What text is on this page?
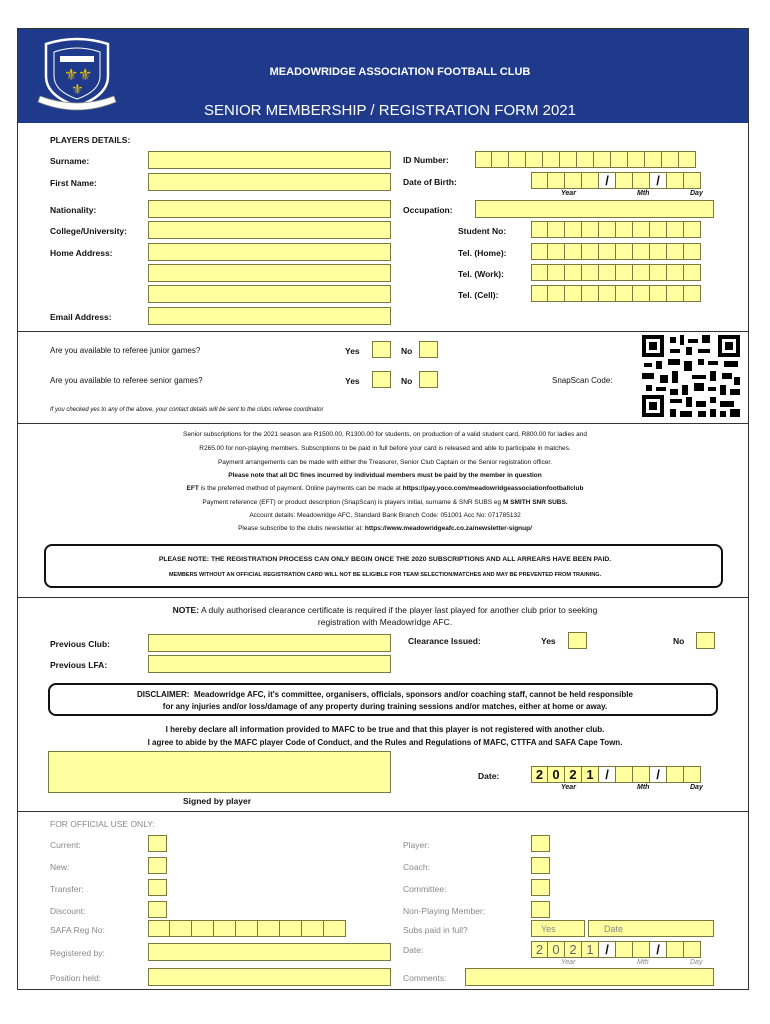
⚜ ⚜
⚜
MEADOWRIDGE ASSOCIATION FOOTBALL CLUB
SENIOR MEMBERSHIP / REGISTRATION FORM 2021
PLAYERS DETAILS:
Surname:
First Name:
Nationality:
College/University:
Home Address:
Email Address:
ID Number:
Date of Birth:	/	/
Year	Mth	Day
Occupation:
Student No:
Tel. (Home):
Tel. (Work):
Tel. (Cell):
Are you available to referee junior games?	Yes	No
Are you available to referee senior games?	Yes	No	SnapScan Code:
If you checked yes to any of the above, your contact details will be sent to the clubs referee coordinator
Senior subscriptions for the 2021 season are R1500.00, R1300.00 for students, on production of a valid student card, R800.00 for ladies and
R265.00 for non-playing members. Subscriptions to be paid in full before your card is released and able to participate in matches.
Payment arrangements can be made with either the Treasurer, Senior Club Captain or the Senior registration officer.
Please note that all DC fines incurred by individual members must be paid by the member in question
EFT is the preferred method of payment. Online payments can be made at https://pay.yoco.com/meadowridgeassociationfootballclub
Payment reference (EFT) or product description (SnapScan) is players initial, surname & SNR SUBS eg M SMITH SNR SUBS.
Account details: Meadowridge AFC, Standard Bank Branch Code: 051001 Acc No: 071785132
Please subscribe to the clubs newsletter at: https://www.meadowridgeafc.co.za/newsletter-signup/
PLEASE NOTE: THE REGISTRATION PROCESS CAN ONLY BEGIN ONCE THE 2020 SUBSCRIPTIONS AND ALL ARREARS HAVE BEEN PAID.
MEMBERS WITHOUT AN OFFICIAL REGISTRATION CARD WILL NOT BE ELIGIBLE FOR TEAM SELECTION/MATCHES AND MAY BE PREVENTED FROM TRAINING.
NOTE: A duly authorised clearance certificate is required if the player last played for another club prior to seeking
registration with Meadowridge AFC.
Previous Club:
Previous LFA:
Clearance Issued:	Yes	No
DISCLAIMER: Meadowridge AFC, it's committee, organisers, officials, sponsors and/or coaching staff, cannot be held responsible
for any injuries and/or loss/damage of any property during training sessions and/or matches, either at home or away.
I hereby declare all information provided to MAFC to be true and that this player is not registered with another club.
I agree to abide by the MAFC player Code of Conduct, and the Rules and Regulations of MAFC, CTTFA and SAFA Cape Town.
Signed by player
Date:	2 0 2 1 /	/
Year	Mth	Day
FOR OFFICIAL USE ONLY:
Current:
New:
Transfer:
Discount:
SAFA Reg No:
Registered by:
Position held:
Player:
Coach:
Committee:
Non-Playing Member:
Subs paid in full?	Yes	Date
Date:	2 0 2 1 /	/
Year	Mth	Day
Comments:
